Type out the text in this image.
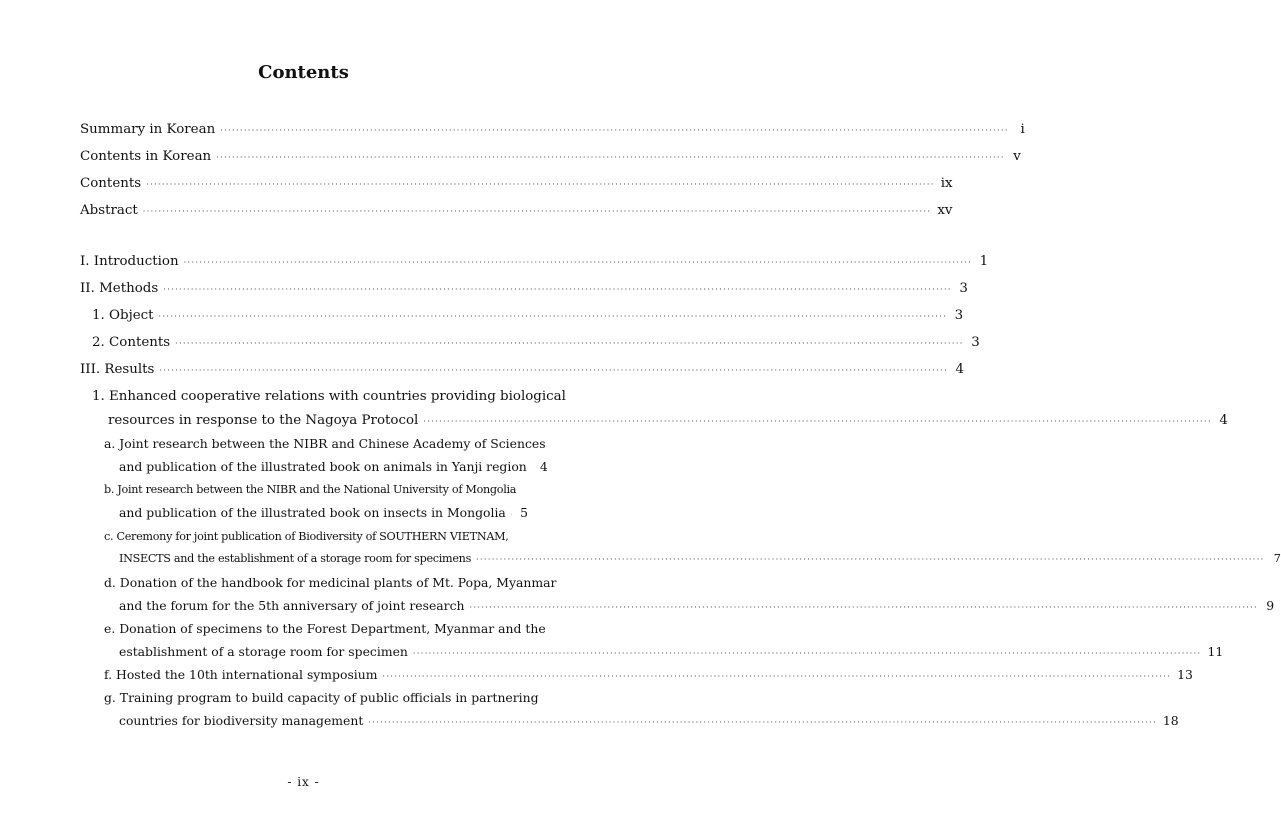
Contents
Summary in Korean ········································································································································································································ i
Contents in Korean ········································································································································································································ v
Contents ········································································································································································································ ix
Abstract ········································································································································································································ xv
I. Introduction ········································································································································································································ 1
II. Methods ········································································································································································································ 3
1. Object ········································································································································································································ 3
2. Contents ········································································································································································································ 3
III. Results ········································································································································································································ 4
1. Enhanced cooperative relations with countries providing biological
resources in response to the Nagoya Protocol ········································································································································································································ 4
a. Joint research between the NIBR and Chinese Academy of Sciences
and publication of the illustrated book on animals in Yanji region 4
b. Joint research between the NIBR and the National University of Mongolia
and publication of the illustrated book on insects in Mongolia 5
c. Ceremony for joint publication of Biodiversity of SOUTHERN VIETNAM,
INSECTS and the establishment of a storage room for specimens ········································································································································································································ 7
d. Donation of the handbook for medicinal plants of Mt. Popa, Myanmar
and the forum for the 5th anniversary of joint research ········································································································································································································ 9
e. Donation of specimens to the Forest Department, Myanmar and the
establishment of a storage room for specimen ········································································································································································································ 11
f. Hosted the 10th international symposium ········································································································································································································ 13
g. Training program to build capacity of public officials in partnering
countries for biodiversity management ········································································································································································································ 18
- ix -
